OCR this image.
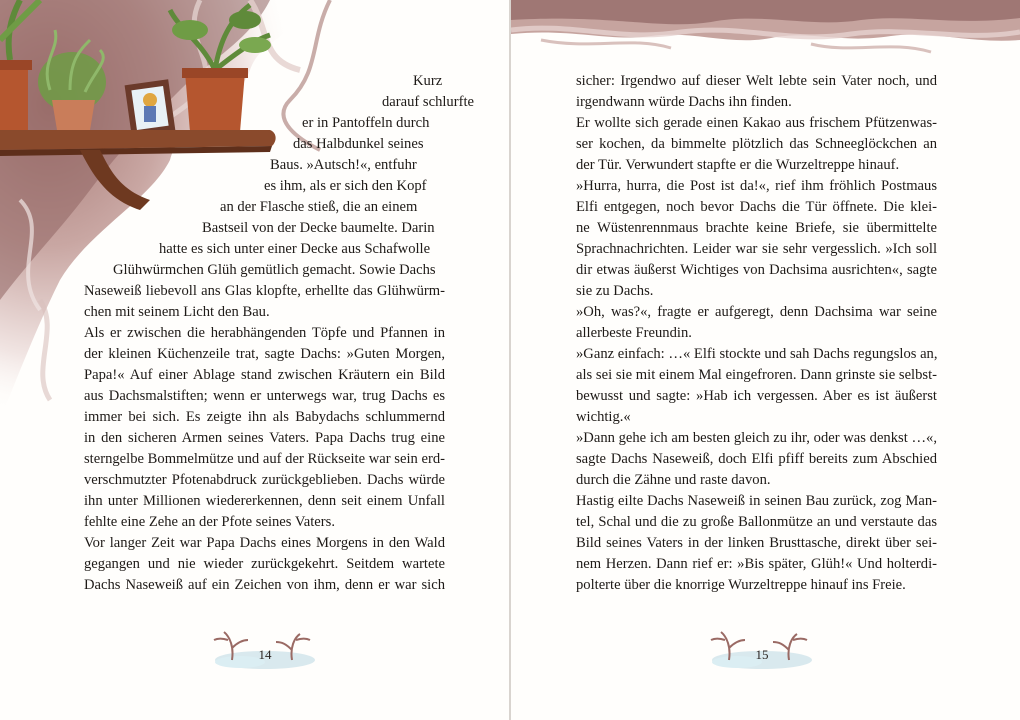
Kurz
darauf schlurfte
er in Pantoffeln durch
das Halbdunkel seines
Baus. »Autsch!«, entfuhr
es ihm, als er sich den Kopf
an der Flasche stieß, die an einem
Bastseil von der Decke baumelte. Darin
hatte es sich unter einer Decke aus Schafwolle
Glühwürmchen Glüh gemütlich gemacht. Sowie Dachs
Naseweiß liebevoll ans Glas klopfte, erhellte das Glühwürm-
chen mit seinem Licht den Bau.
Als er zwischen die herabhängenden Töpfe und Pfannen in
der kleinen Küchenzeile trat, sagte Dachs: »Guten Morgen,
Papa!« Auf einer Ablage stand zwischen Kräutern ein Bild
aus Dachsmalstiften; wenn er unterwegs war, trug Dachs es
immer bei sich. Es zeigte ihn als Babydachs schlummernd
in den sicheren Armen seines Vaters. Papa Dachs trug eine
sterngelbe Bommelmütze und auf der Rückseite war sein erd-
verschmutzter Pfotenabdruck zurückgeblieben. Dachs würde
ihn unter Millionen wiedererkennen, denn seit einem Unfall
fehlte eine Zehe an der Pfote seines Vaters.
Vor langer Zeit war Papa Dachs eines Morgens in den Wald
gegangen und nie wieder zurückgekehrt. Seitdem wartete
Dachs Naseweiß auf ein Zeichen von ihm, denn er war sich
14
sicher: Irgendwo auf dieser Welt lebte sein Vater noch, und
irgendwann würde Dachs ihn finden.
Er wollte sich gerade einen Kakao aus frischem Pfützenwas-
ser kochen, da bimmelte plötzlich das Schneeglöckchen an
der Tür. Verwundert stapfte er die Wurzeltreppe hinauf.
»Hurra, hurra, die Post ist da!«, rief ihm fröhlich Postmaus
Elfi entgegen, noch bevor Dachs die Tür öffnete. Die klei-
ne Wüstenrennmaus brachte keine Briefe, sie übermittelte
Sprachnachrichten. Leider war sie sehr vergesslich. »Ich soll
dir etwas äußerst Wichtiges von Dachsima ausrichten«, sagte
sie zu Dachs.
»Oh, was?«, fragte er aufgeregt, denn Dachsima war seine
allerbeste Freundin.
»Ganz einfach: …« Elfi stockte und sah Dachs regungslos an,
als sei sie mit einem Mal eingefroren. Dann grinste sie selbst-
bewusst und sagte: »Hab ich vergessen. Aber es ist äußerst
wichtig.«
»Dann gehe ich am besten gleich zu ihr, oder was denkst …«,
sagte Dachs Naseweiß, doch Elfi pfiff bereits zum Abschied
durch die Zähne und raste davon.
Hastig eilte Dachs Naseweiß in seinen Bau zurück, zog Man-
tel, Schal und die zu große Ballonmütze an und verstaute das
Bild seines Vaters in der linken Brusttasche, direkt über sei-
nem Herzen. Dann rief er: »Bis später, Glüh!« Und holterdi-
polterte über die knorrige Wurzeltreppe hinauf ins Freie.
15
